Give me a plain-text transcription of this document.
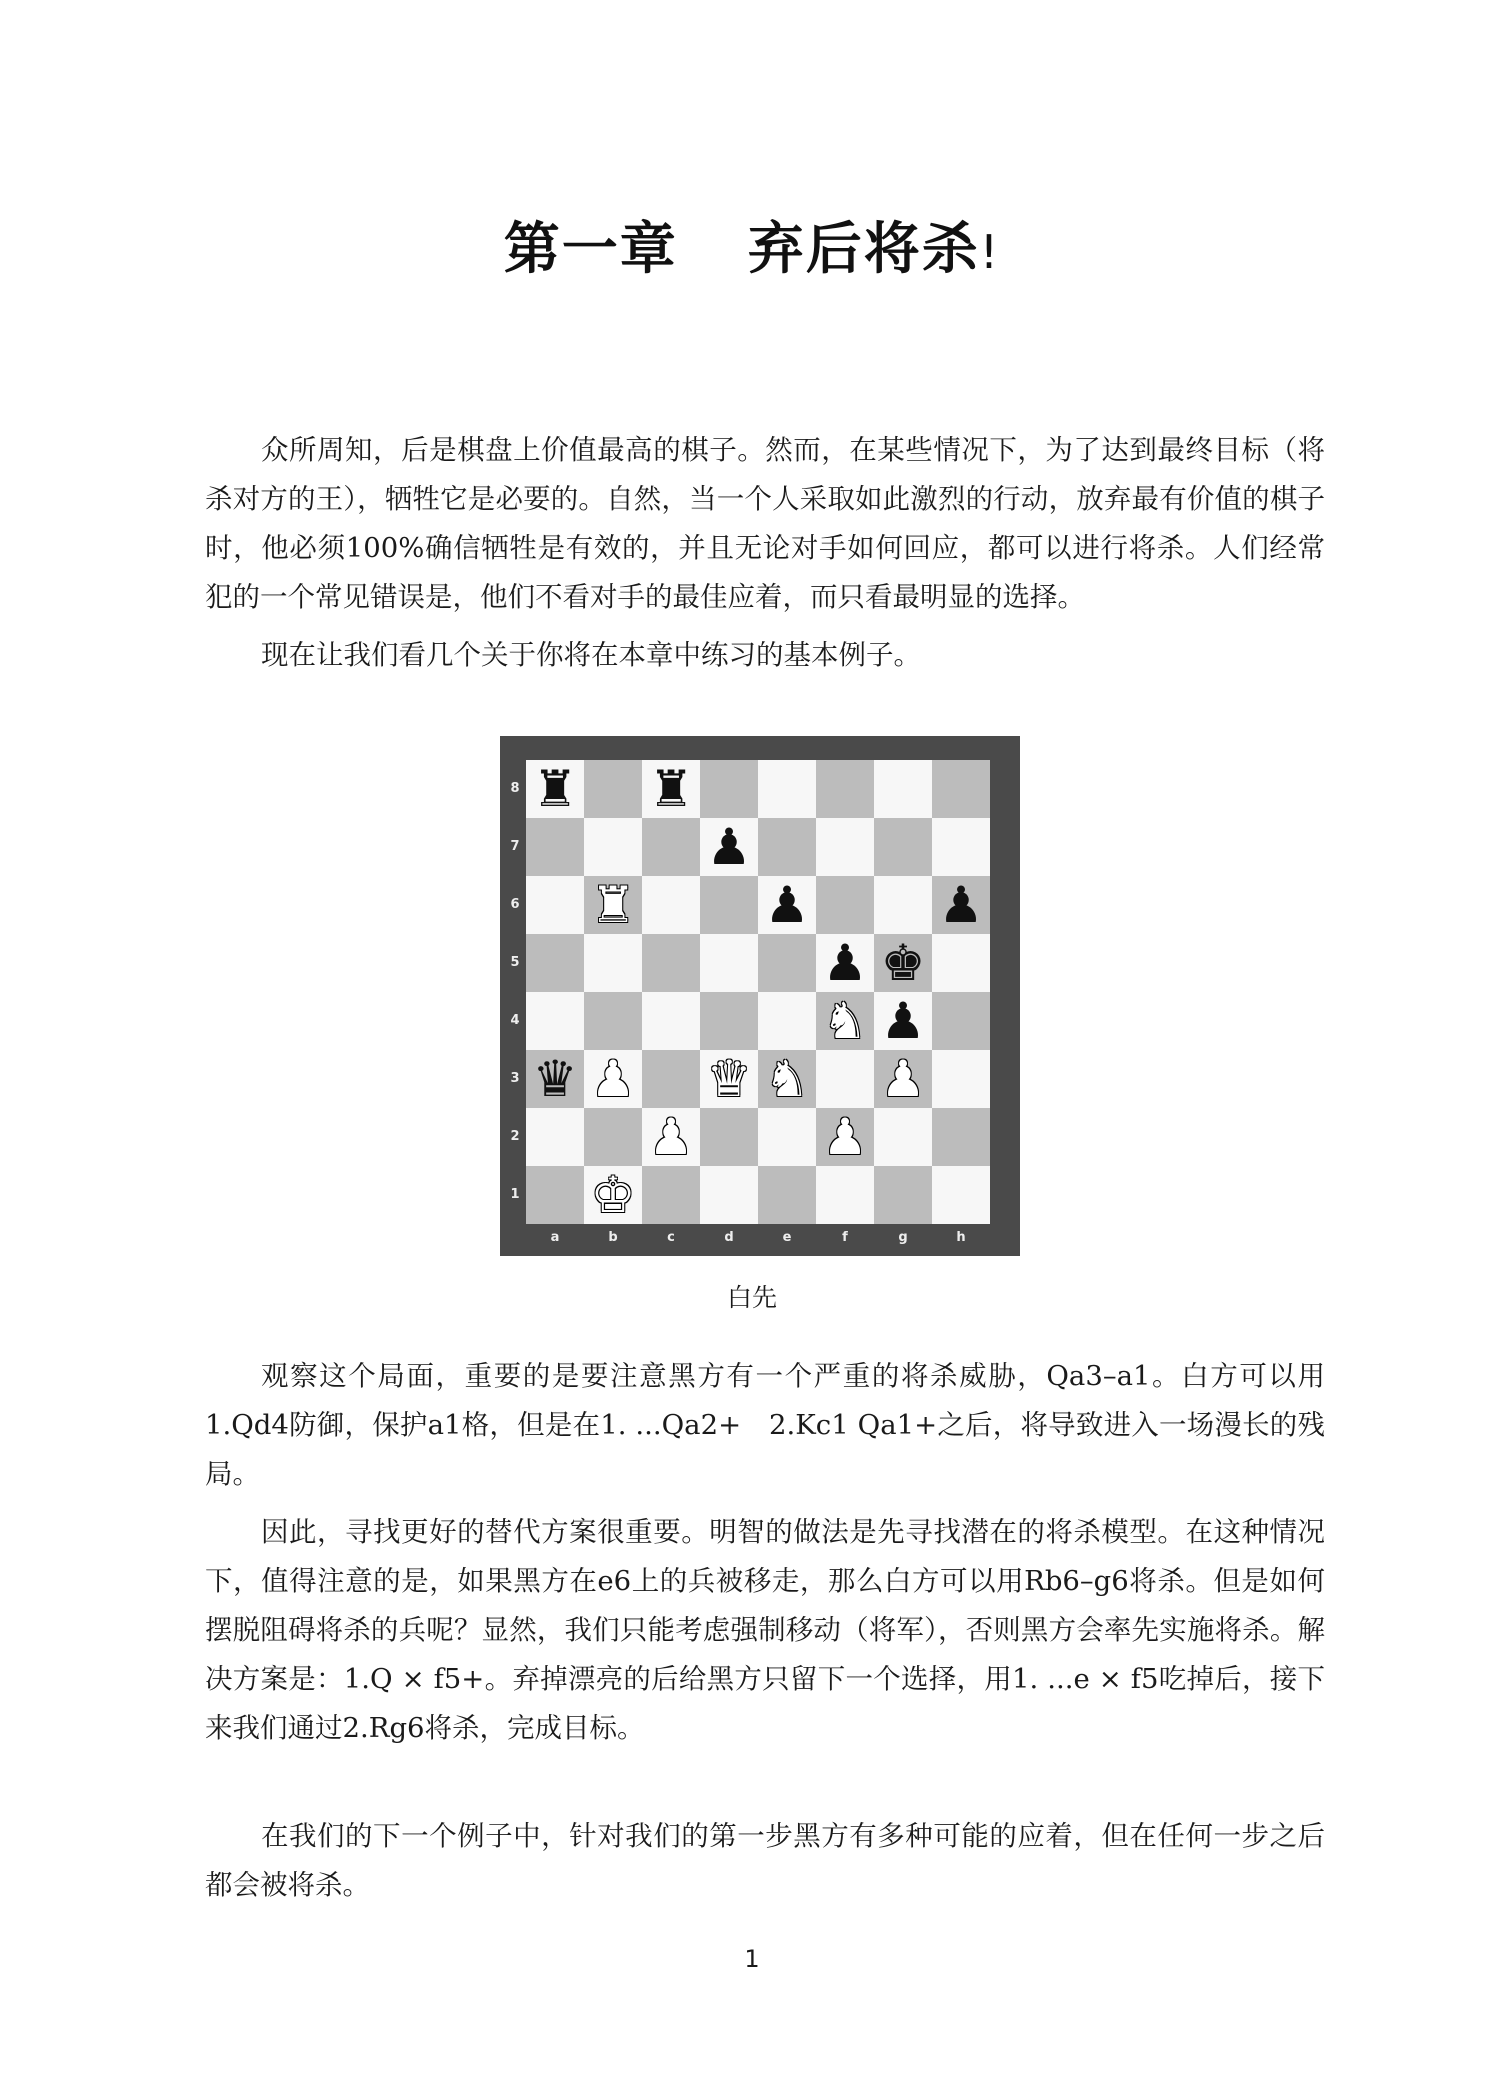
第一章 弃后将杀!

众所周知，后是棋盘上价值最高的棋子。然而，在某些情况下，为了达到最终目标（将杀对方的王），牺牲它是必要的。自然，当一个人采取如此激烈的行动，放弃最有价值的棋子时，他必须100%确信牺牲是有效的，并且无论对手如何回应，都可以进行将杀。人们经常犯的一个常见错误是，他们不看对手的最佳应着，而只看最明显的选择。

现在让我们看几个关于你将在本章中练习的基本例子。

♜ ♜
♟
♜	♟	♟
♟ ♚
♞ ♟
♛ ♟ ♛ ♞ ♟
♟	♟
♚
8
7
6
5
4
3
2
1
a	b	c	d	e	f	g	h
白先

观察这个局面，重要的是要注意黑方有一个严重的将杀威胁，Qa3–a1。白方可以用1.Qd4防御，保护a1格，但是在1. ...Qa2+　2.Kc1 Qa1+之后，将导致进入一场漫长的残局。

因此，寻找更好的替代方案很重要。明智的做法是先寻找潜在的将杀模型。在这种情况下，值得注意的是，如果黑方在e6上的兵被移走，那么白方可以用Rb6–g6将杀。但是如何摆脱阻碍将杀的兵呢？显然，我们只能考虑强制移动（将军），否则黑方会率先实施将杀。解决方案是：1.Q × f5+。弃掉漂亮的后给黑方只留下一个选择，用1. ...e × f5吃掉后，接下来我们通过2.Rg6将杀，完成目标。

在我们的下一个例子中，针对我们的第一步黑方有多种可能的应着，但在任何一步之后都会被将杀。

1
